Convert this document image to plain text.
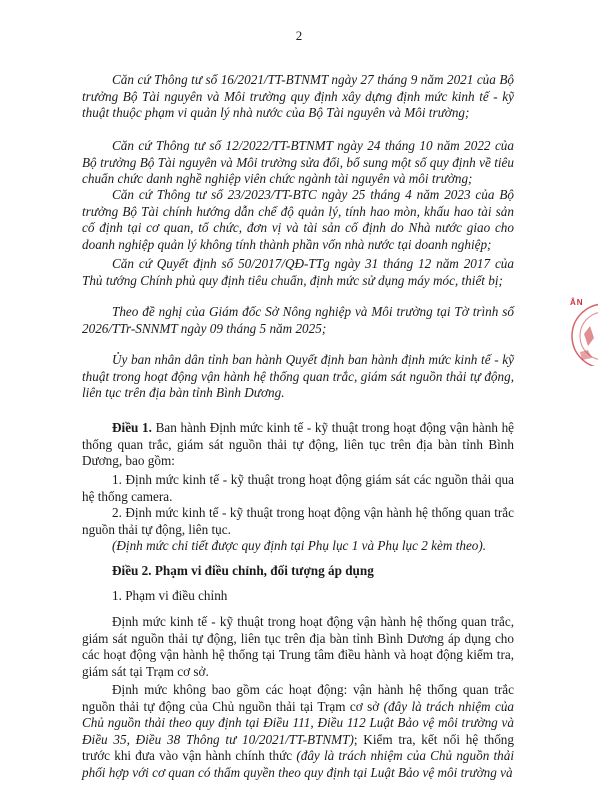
2

Căn cứ Thông tư số 16/2021/TT-BTNMT ngày 27 tháng 9 năm 2021 của Bộ trưởng Bộ Tài nguyên và Môi trường quy định xây dựng định mức kinh tế - kỹ thuật thuộc phạm vi quản lý nhà nước của Bộ Tài nguyên và Môi trường;

Căn cứ Thông tư số 12/2022/TT-BTNMT ngày 24 tháng 10 năm 2022 của Bộ trưởng Bộ Tài nguyên và Môi trường sửa đổi, bổ sung một số quy định về tiêu chuẩn chức danh nghề nghiệp viên chức ngành tài nguyên và môi trường;

Căn cứ Thông tư số 23/2023/TT-BTC ngày 25 tháng 4 năm 2023 của Bộ trưởng Bộ Tài chính hướng dẫn chế độ quản lý, tính hao mòn, khấu hao tài sản cố định tại cơ quan, tổ chức, đơn vị và tài sản cố định do Nhà nước giao cho doanh nghiệp quản lý không tính thành phần vốn nhà nước tại doanh nghiệp;

Căn cứ Quyết định số 50/2017/QĐ-TTg ngày 31 tháng 12 năm 2017 của Thủ tướng Chính phủ quy định tiêu chuẩn, định mức sử dụng máy móc, thiết bị;

Theo đề nghị của Giám đốc Sở Nông nghiệp và Môi trường tại Tờ trình số 2026/TTr-SNNMT ngày 09 tháng 5 năm 2025;

Ủy ban nhân dân tỉnh ban hành Quyết định ban hành định mức kinh tế - kỹ thuật trong hoạt động vận hành hệ thống quan trắc, giám sát nguồn thải tự động, liên tục trên địa bàn tỉnh Bình Dương.

Điều 1. Ban hành Định mức kinh tế - kỹ thuật trong hoạt động vận hành hệ thống quan trắc, giám sát nguồn thải tự động, liên tục trên địa bàn tỉnh Bình Dương, bao gồm:

1. Định mức kinh tế - kỹ thuật trong hoạt động giám sát các nguồn thải qua hệ thống camera.

2. Định mức kinh tế - kỹ thuật trong hoạt động vận hành hệ thống quan trắc nguồn thải tự động, liên tục.

(Định mức chi tiết được quy định tại Phụ lục 1 và Phụ lục 2 kèm theo).

Điều 2. Phạm vi điều chỉnh, đối tượng áp dụng

1. Phạm vi điều chỉnh

Định mức kinh tế - kỹ thuật trong hoạt động vận hành hệ thống quan trắc, giám sát nguồn thải tự động, liên tục trên địa bàn tỉnh Bình Dương áp dụng cho các hoạt động vận hành hệ thống tại Trung tâm điều hành và hoạt động kiểm tra, giám sát tại Trạm cơ sở.

Định mức không bao gồm các hoạt động: vận hành hệ thống quan trắc nguồn thải tự động của Chủ nguồn thải tại Trạm cơ sở (đây là trách nhiệm của Chủ nguồn thải theo quy định tại Điều 111, Điều 112 Luật Bảo vệ môi trường và Điều 35, Điều 38 Thông tư 10/2021/TT-BTNMT); Kiểm tra, kết nối hệ thống trước khi đưa vào vận hành chính thức (đây là trách nhiệm của Chủ nguồn thải phối hợp với cơ quan có thẩm quyền theo quy định tại Luật Bảo vệ môi trường và

ÂN
